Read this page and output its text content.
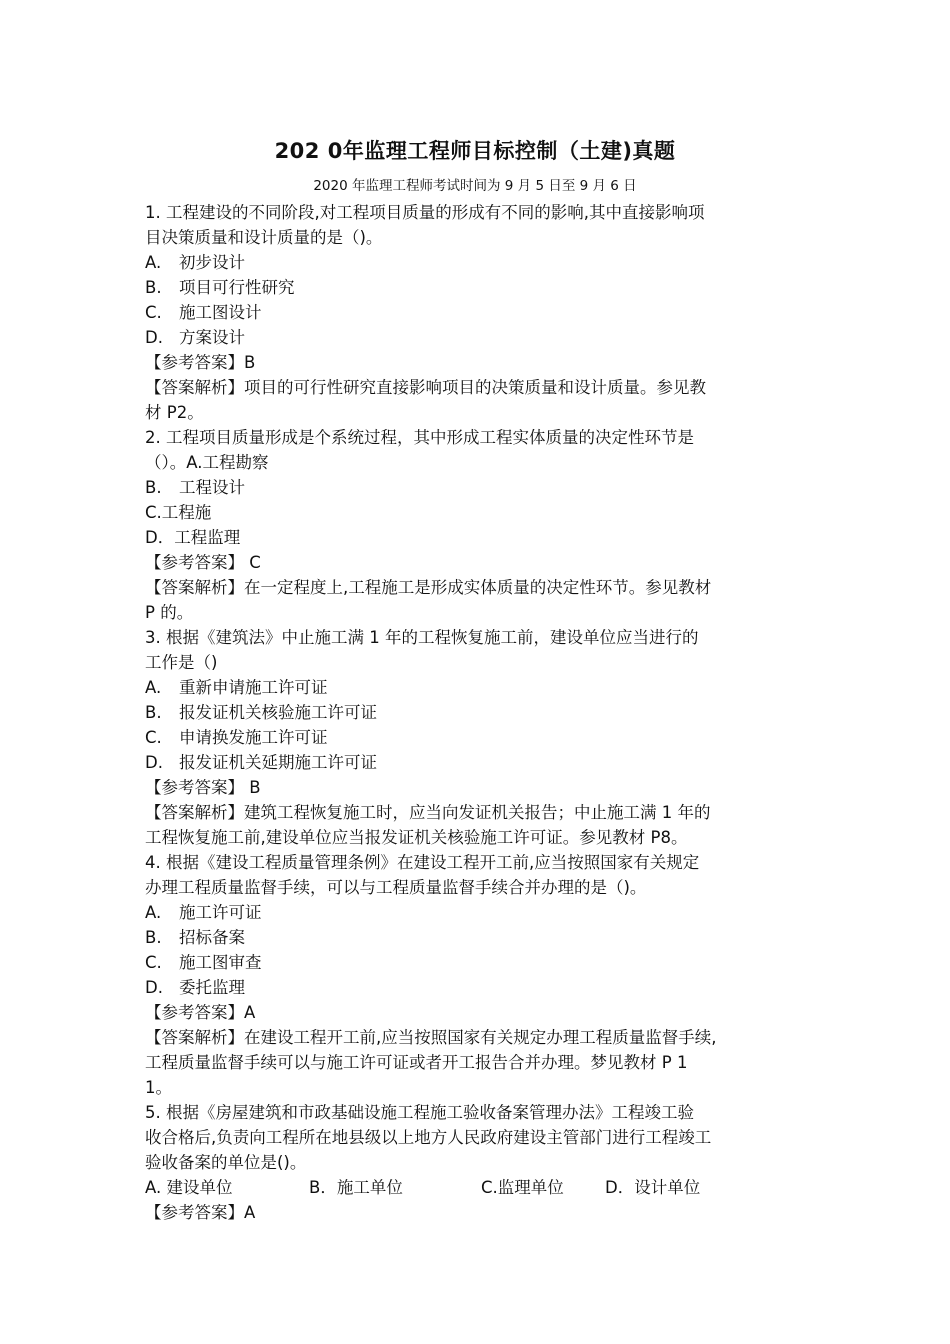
202 0年监理工程师目标控制（土建)真题
2020 年监理工程师考试时间为 9 月 5 日至 9 月 6 日
1. 工程建设的不同阶段,对工程项目质量的形成有不同的影响,其中直接影响项
目决策质量和设计质量的是（)。
A. 初步设计
B. 项目可行性研究
C. 施工图设计
D. 方案设计
【参考答案】B
【答案解析】项目的可行性研究直接影响项目的决策质量和设计质量。参见教
材 P2。
2. 工程项目质量形成是个系统过程，其中形成工程实体质量的决定性环节是
（）。A.工程勘察
B. 工程设计
C.工程施
D．工程监理
【参考答案】 C
【答案解析】在一定程度上,工程施工是形成实体质量的决定性环节。参见教材
P 的。
3. 根据《建筑法》中止施工满 1 年的工程恢复施工前，建设单位应当进行的
工作是（)
A. 重新申请施工许可证
B. 报发证机关核验施工许可证
C. 申请换发施工许可证
D. 报发证机关延期施工许可证
【参考答案】 B
【答案解析】建筑工程恢复施工时，应当向发证机关报告；中止施工满 1 年的
工程恢复施工前,建设单位应当报发证机关核验施工许可证。参见教材 P8。
4. 根据《建设工程质量管理条例》在建设工程开工前,应当按照国家有关规定
办理工程质量监督手续，可以与工程质量监督手续合并办理的是（)。
A. 施工许可证
B. 招标备案
C. 施工图审查
D. 委托监理
【参考答案】A
【答案解析】在建设工程开工前,应当按照国家有关规定办理工程质量监督手续,
工程质量监督手续可以与施工许可证或者开工报告合并办理。梦见教材 P 1
1。
5. 根据《房屋建筑和市政基础设施工程施工验收备案管理办法》工程竣工验
收合格后,负责向工程所在地县级以上地方人民政府建设主管部门进行工程竣工
验收备案的单位是()。
A. 建设单位	B．施工单位	C.监理单位 D．设计单位
【参考答案】A
